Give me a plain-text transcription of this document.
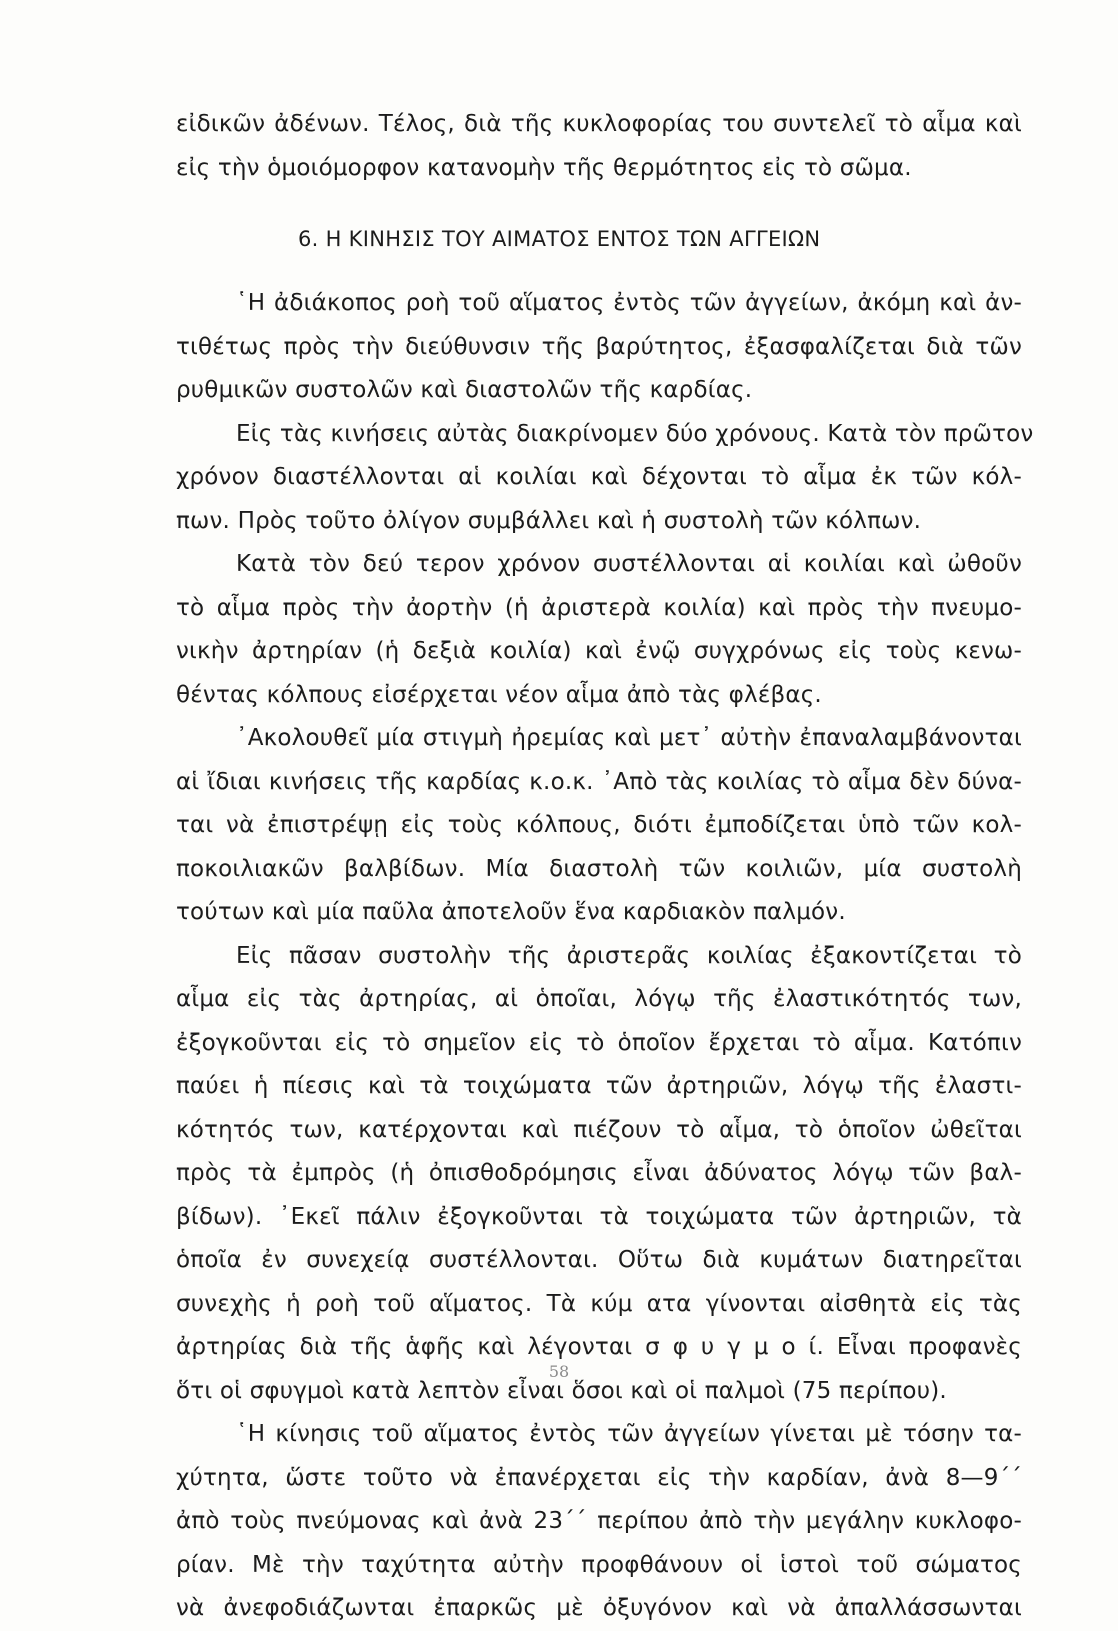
εἰδικῶν ἀδένων. Τέλος, διὰ τῆς κυκλοφορίας του συντελεῖ τὸ αἷμα καὶ
εἰς τὴν ὁμοιόμορφον κατανομὴν τῆς θερμότητος εἰς τὸ σῶμα.
6. Η ΚΙΝΗΣΙΣ ΤΟΥ ΑΙΜΑΤΟΣ ΕΝΤΟΣ ΤΩΝ ΑΓΓΕΙΩΝ
῾Η ἀδιάκοπος ροὴ τοῦ αἵματος ἐντὸς τῶν ἀγγείων, ἀκόμη καὶ ἀν-
τιθέτως πρὸς τὴν διεύθυνσιν τῆς βαρύτητος, ἐξασφαλίζεται διὰ τῶν
ρυθμικῶν συστολῶν καὶ διαστολῶν τῆς καρδίας.
Εἰς τὰς κινήσεις αὐτὰς διακρίνομεν δύο χρόνους. Κατὰ τὸν πρῶτον
χρόνον διαστέλλονται αἱ κοιλίαι καὶ δέχονται τὸ αἷμα ἐκ τῶν κόλ-
πων. Πρὸς τοῦτο ὀλίγον συμβάλλει καὶ ἡ συστολὴ τῶν κόλπων.
Κατὰ τὸν δεύ τερον χρόνον συστέλλονται αἱ κοιλίαι καὶ ὠθοῦν
τὸ αἷμα πρὸς τὴν ἀορτὴν (ἡ ἀριστερὰ κοιλία) καὶ πρὸς τὴν πνευμο-
νικὴν ἀρτηρίαν (ἡ δεξιὰ κοιλία) καὶ ἐνῷ συγχρόνως εἰς τοὺς κενω-
θέντας κόλπους εἰσέρχεται νέον αἷμα ἀπὸ τὰς φλέβας.
᾿Ακολουθεῖ μία στιγμὴ ἠρεμίας καὶ μετ᾿ αὐτὴν ἐπαναλαμβάνονται
αἱ ἴδιαι κινήσεις τῆς καρδίας κ.ο.κ. ᾿Απὸ τὰς κοιλίας τὸ αἷμα δὲν δύνα-
ται νὰ ἐπιστρέψῃ εἰς τοὺς κόλπους, διότι ἐμποδίζεται ὑπὸ τῶν κολ-
ποκοιλιακῶν βαλβίδων. Μία διαστολὴ τῶν κοιλιῶν, μία συστολὴ
τούτων καὶ μία παῦλα ἀποτελοῦν ἕνα καρδιακὸν παλμόν.
Εἰς πᾶσαν συστολὴν τῆς ἀριστερᾶς κοιλίας ἐξακοντίζεται τὸ
αἷμα εἰς τὰς ἀρτηρίας, αἱ ὁποῖαι, λόγῳ τῆς ἐλαστικότητός των,
ἐξογκοῦνται εἰς τὸ σημεῖον εἰς τὸ ὁποῖον ἔρχεται τὸ αἷμα. Κατόπιν
παύει ἡ πίεσις καὶ τὰ τοιχώματα τῶν ἀρτηριῶν, λόγῳ τῆς ἐλαστι-
κότητός των, κατέρχονται καὶ πιέζουν τὸ αἷμα, τὸ ὁποῖον ὠθεῖται
πρὸς τὰ ἐμπρὸς (ἡ ὀπισθοδρόμησις εἶναι ἀδύνατος λόγῳ τῶν βαλ-
βίδων). ᾿Εκεῖ πάλιν ἐξογκοῦνται τὰ τοιχώματα τῶν ἀρτηριῶν, τὰ
ὁποῖα ἐν συνεχείᾳ συστέλλονται. Οὕτω διὰ κυμάτων διατηρεῖται
συνεχὴς ἡ ροὴ τοῦ αἵματος. Τὰ κύμ ατα γίνονται αἰσθητὰ εἰς τὰς
ἀρτηρίας διὰ τῆς ἁφῆς καὶ λέγονται σ φ υ γ μ ο ί. Εἶναι προφανὲς
ὅτι οἱ σφυγμοὶ κατὰ λεπτὸν εἶναι ὅσοι καὶ οἱ παλμοὶ (75 περίπου).
῾Η κίνησις τοῦ αἵματος ἐντὸς τῶν ἀγγείων γίνεται μὲ τόσην τα-
χύτητα, ὥστε τοῦτο νὰ ἐπανέρχεται εἰς τὴν καρδίαν, ἀνὰ 8—9΄΄
ἀπὸ τοὺς πνεύμονας καὶ ἀνὰ 23΄΄ περίπου ἀπὸ τὴν μεγάλην κυκλοφο-
ρίαν. Μὲ τὴν ταχύτητα αὐτὴν προφθάνουν οἱ ἱστοὶ τοῦ σώματος
νὰ ἀνεφοδιάζωνται ἐπαρκῶς μὲ ὀξυγόνον καὶ νὰ ἀπαλλάσσωνται
58
